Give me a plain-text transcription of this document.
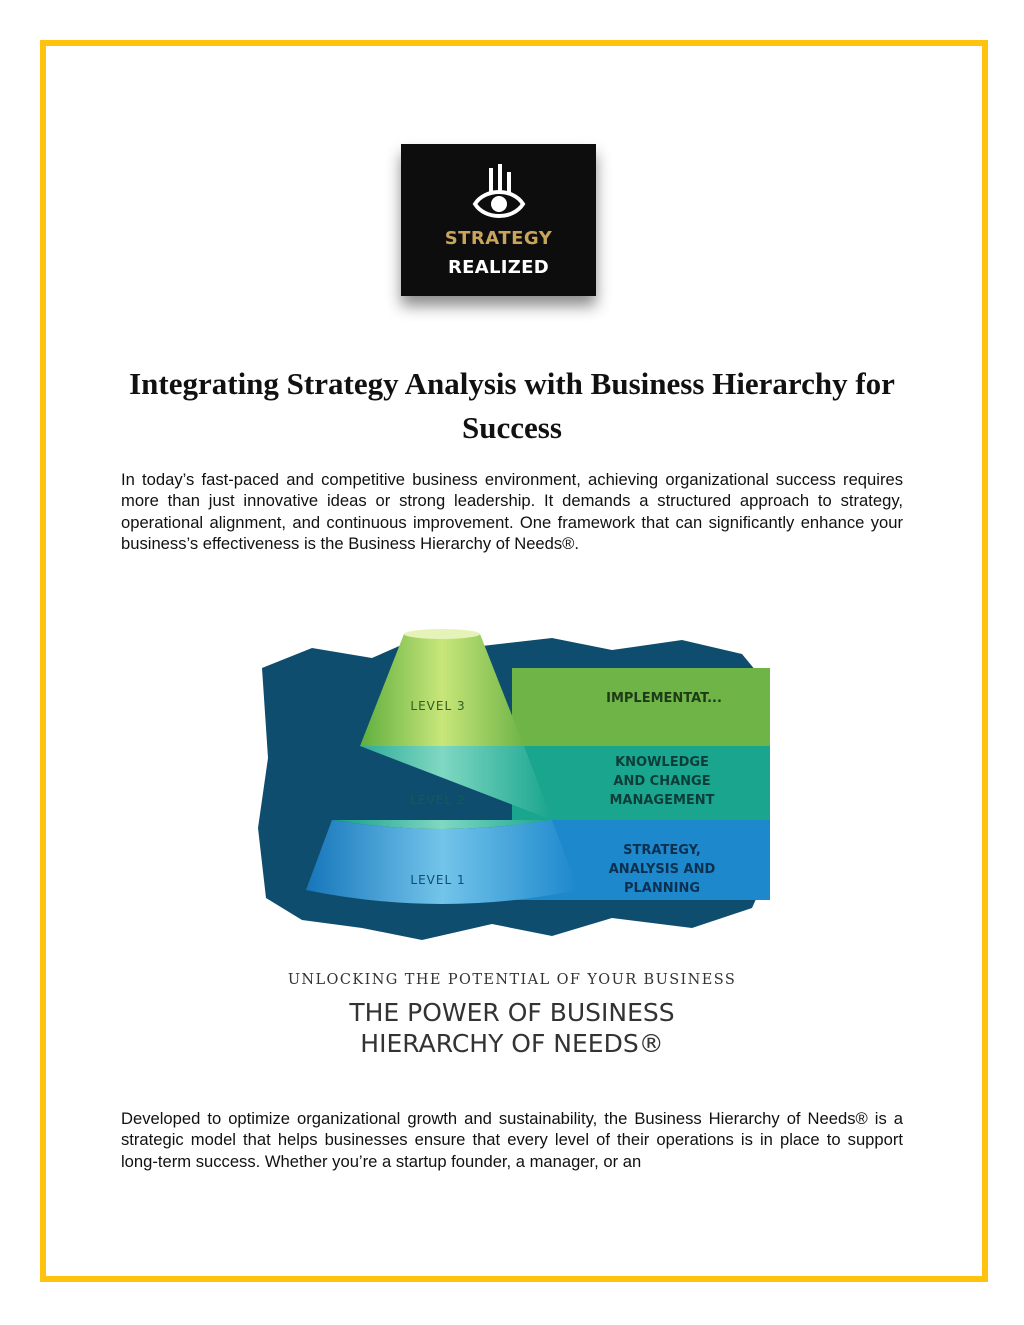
STRATEGY
REALIZED
Integrating Strategy Analysis with Business Hierarchy for Success

In today’s fast-paced and competitive business environment, achieving organizational success requires more than just innovative ideas or strong leadership. It demands a structured approach to strategy, operational alignment, and continuous improvement. One framework that can significantly enhance your business’s effectiveness is the Business Hierarchy of Needs®.

LEVEL 3
LEVEL 2
LEVEL 1
IMPLEMENTAT...
KNOWLEDGE
AND CHANGE
MANAGEMENT
STRATEGY,
ANALYSIS AND
PLANNING
UNLOCKING THE POTENTIAL OF YOUR BUSINESS
THE POWER OF BUSINESS
HIERARCHY OF NEEDS®

Developed to optimize organizational growth and sustainability, the Business Hierarchy of Needs® is a strategic model that helps businesses ensure that every level of their operations is in place to support long-term success. Whether you’re a startup founder, a manager, or an
